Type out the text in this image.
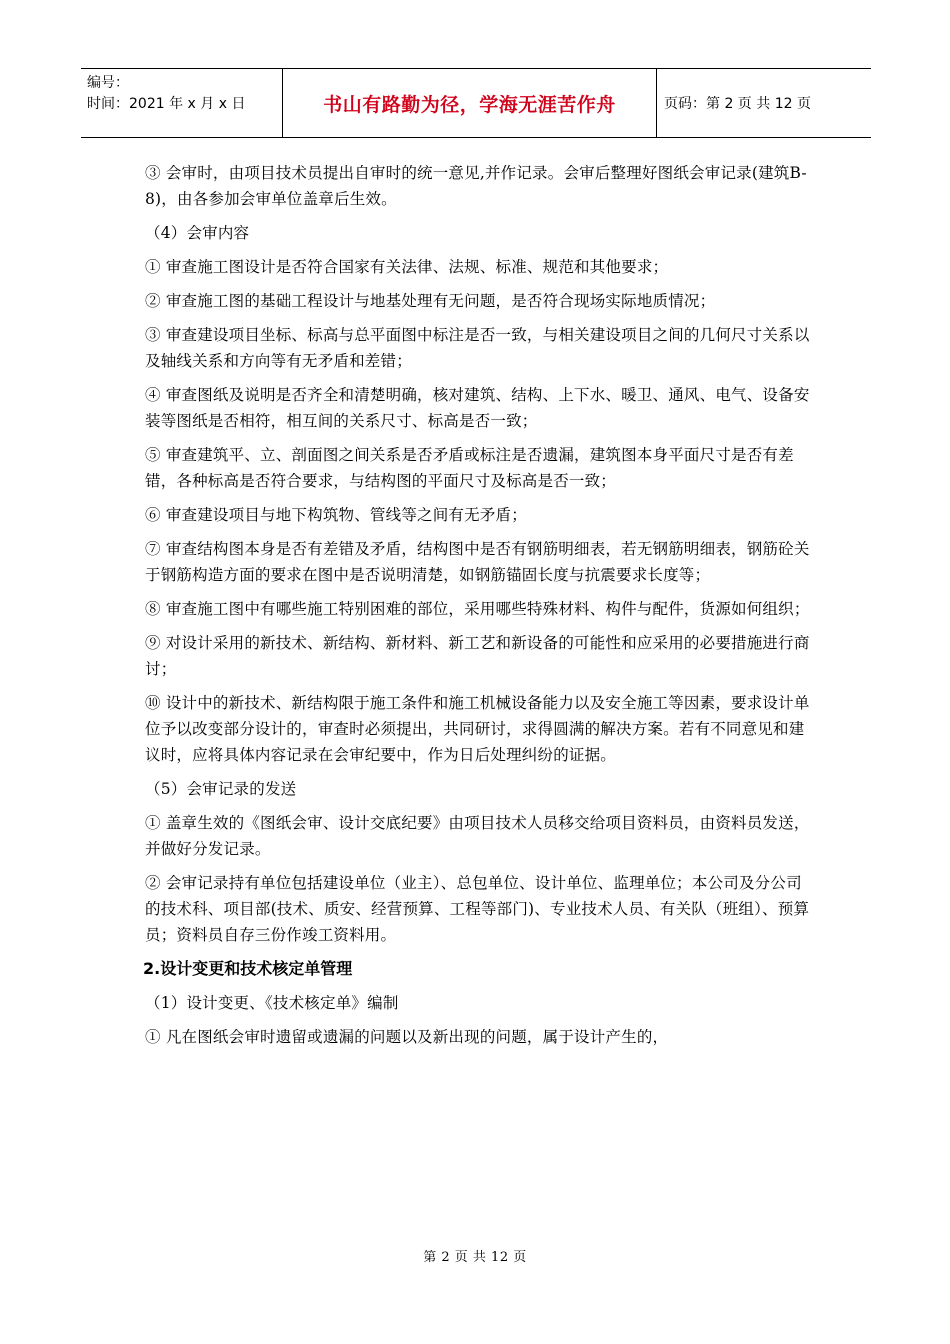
编号：
时间：2021 年 x 月 x 日	书山有路勤为径，学海无涯苦作舟	页码：第 2 页 共 12 页

③ 会审时，由项目技术员提出自审时的统一意见,并作记录。会审后整理好图纸会审记录(建筑B-8)，由各参加会审单位盖章后生效。

（4）会审内容

① 审查施工图设计是否符合国家有关法律、法规、标准、规范和其他要求；

② 审查施工图的基础工程设计与地基处理有无问题，是否符合现场实际地质情况；

③ 审查建设项目坐标、标高与总平面图中标注是否一致，与相关建设项目之间的几何尺寸关系以及轴线关系和方向等有无矛盾和差错；

④ 审查图纸及说明是否齐全和清楚明确，核对建筑、结构、上下水、暖卫、通风、电气、设备安装等图纸是否相符，相互间的关系尺寸、标高是否一致；

⑤ 审查建筑平、立、剖面图之间关系是否矛盾或标注是否遗漏，建筑图本身平面尺寸是否有差错，各种标高是否符合要求，与结构图的平面尺寸及标高是否一致；

⑥ 审查建设项目与地下构筑物、管线等之间有无矛盾；

⑦ 审查结构图本身是否有差错及矛盾，结构图中是否有钢筋明细表，若无钢筋明细表，钢筋砼关于钢筋构造方面的要求在图中是否说明清楚，如钢筋锚固长度与抗震要求长度等；

⑧ 审查施工图中有哪些施工特别困难的部位，采用哪些特殊材料、构件与配件，货源如何组织；

⑨ 对设计采用的新技术、新结构、新材料、新工艺和新设备的可能性和应采用的必要措施进行商讨；

⑩ 设计中的新技术、新结构限于施工条件和施工机械设备能力以及安全施工等因素，要求设计单位予以改变部分设计的，审查时必须提出，共同研讨，求得圆满的解决方案。若有不同意见和建议时，应将具体内容记录在会审纪要中，作为日后处理纠纷的证据。

（5）会审记录的发送

① 盖章生效的《图纸会审、设计交底纪要》由项目技术人员移交给项目资料员，由资料员发送，并做好分发记录。

② 会审记录持有单位包括建设单位（业主）、总包单位、设计单位、监理单位；本公司及分公司的技术科、项目部(技术、质安、经营预算、工程等部门)、专业技术人员、有关队（班组）、预算员；资料员自存三份作竣工资料用。

2.设计变更和技术核定单管理

（1）设计变更、《技术核定单》编制

① 凡在图纸会审时遗留或遗漏的问题以及新出现的问题，属于设计产生的，

第 2 页 共 12 页
